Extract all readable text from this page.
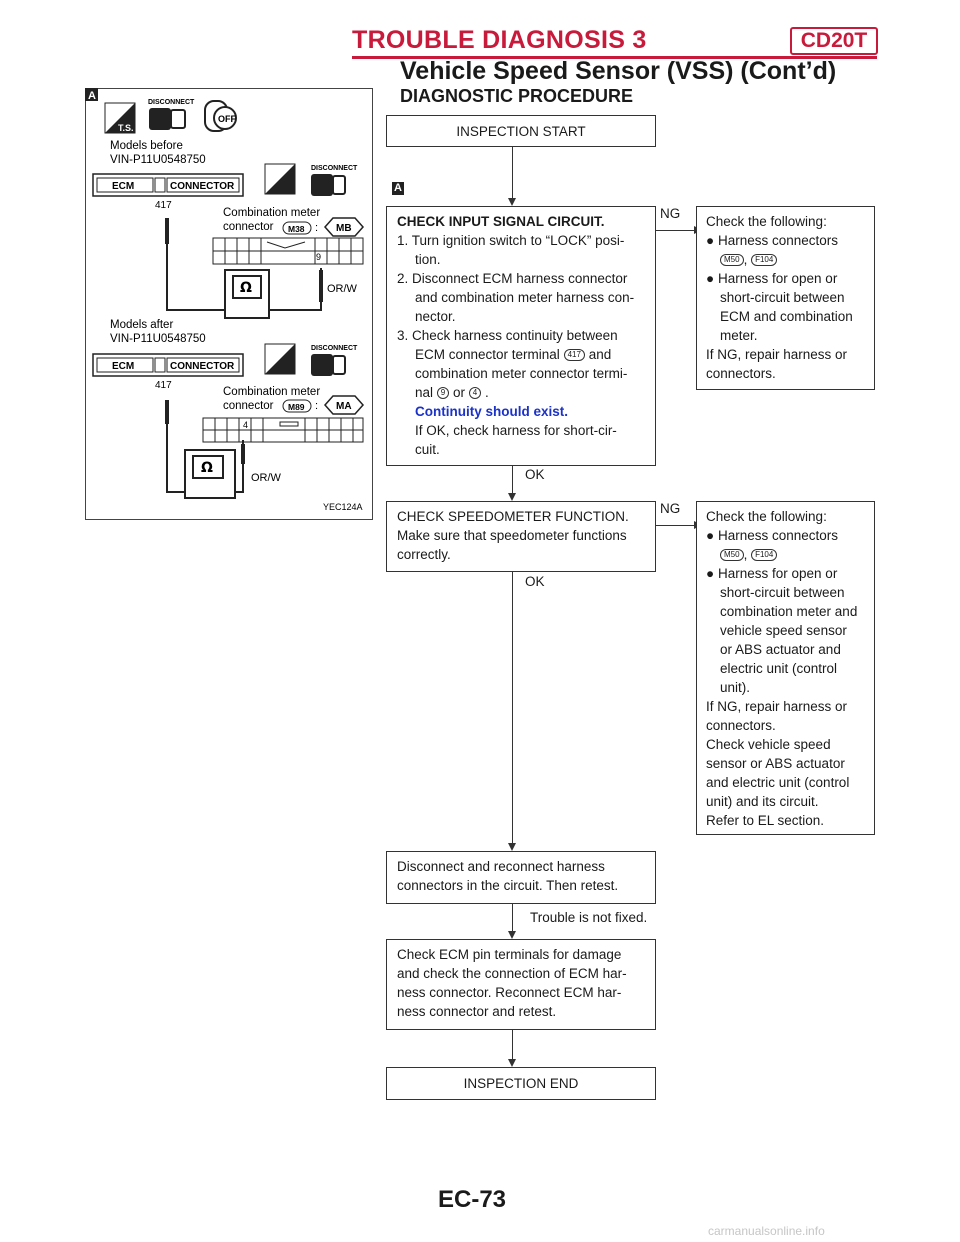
TROUBLE DIAGNOSIS 3	CD20T
Vehicle Speed Sensor (VSS) (Cont’d)
DIAGNOSTIC PROCEDURE
A
T.S.
DISCONNECT
OFF
Models before
VIN-P11U0548750
ECM	CONNECTOR
DISCONNECT
417
Combination meter
connector M38 : MB
9
Ω	OR/W
Models after
VIN-P11U0548750
ECM	CONNECTOR
DISCONNECT
417
Combination meter
connector M89 : MA
4
Ω
OR/W
YEC124A
INSPECTION START
A
CHECK INPUT SIGNAL CIRCUIT.
1. Turn ignition switch to “LOCK” posi-
tion.
2. Disconnect ECM harness connector
and combination meter harness con-
nector.
3. Check harness continuity between
ECM connector terminal 417 and
combination meter connector termi-
nal 9 or 4 .
Continuity should exist.
If OK, check harness for short-cir-
cuit.
NG
Check the following:
● Harness connectors
M50 , F104
● Harness for open or
short-circuit between
ECM and combination
meter.
If NG, repair harness or
connectors.
OK
CHECK SPEEDOMETER FUNCTION.
Make sure that speedometer functions
correctly.
NG
Check the following:
● Harness connectors
M50 , F104
● Harness for open or
short-circuit between
combination meter and
vehicle speed sensor
or ABS actuator and
electric unit (control
unit).
If NG, repair harness or
connectors.
Check vehicle speed
sensor or ABS actuator
and electric unit (control
unit) and its circuit.
Refer to EL section.
OK
Disconnect and reconnect harness
connectors in the circuit. Then retest.
Trouble is not fixed.
Check ECM pin terminals for damage
and check the connection of ECM har-
ness connector. Reconnect ECM har-
ness connector and retest.
INSPECTION END
EC-73
carmanualsonline.info
